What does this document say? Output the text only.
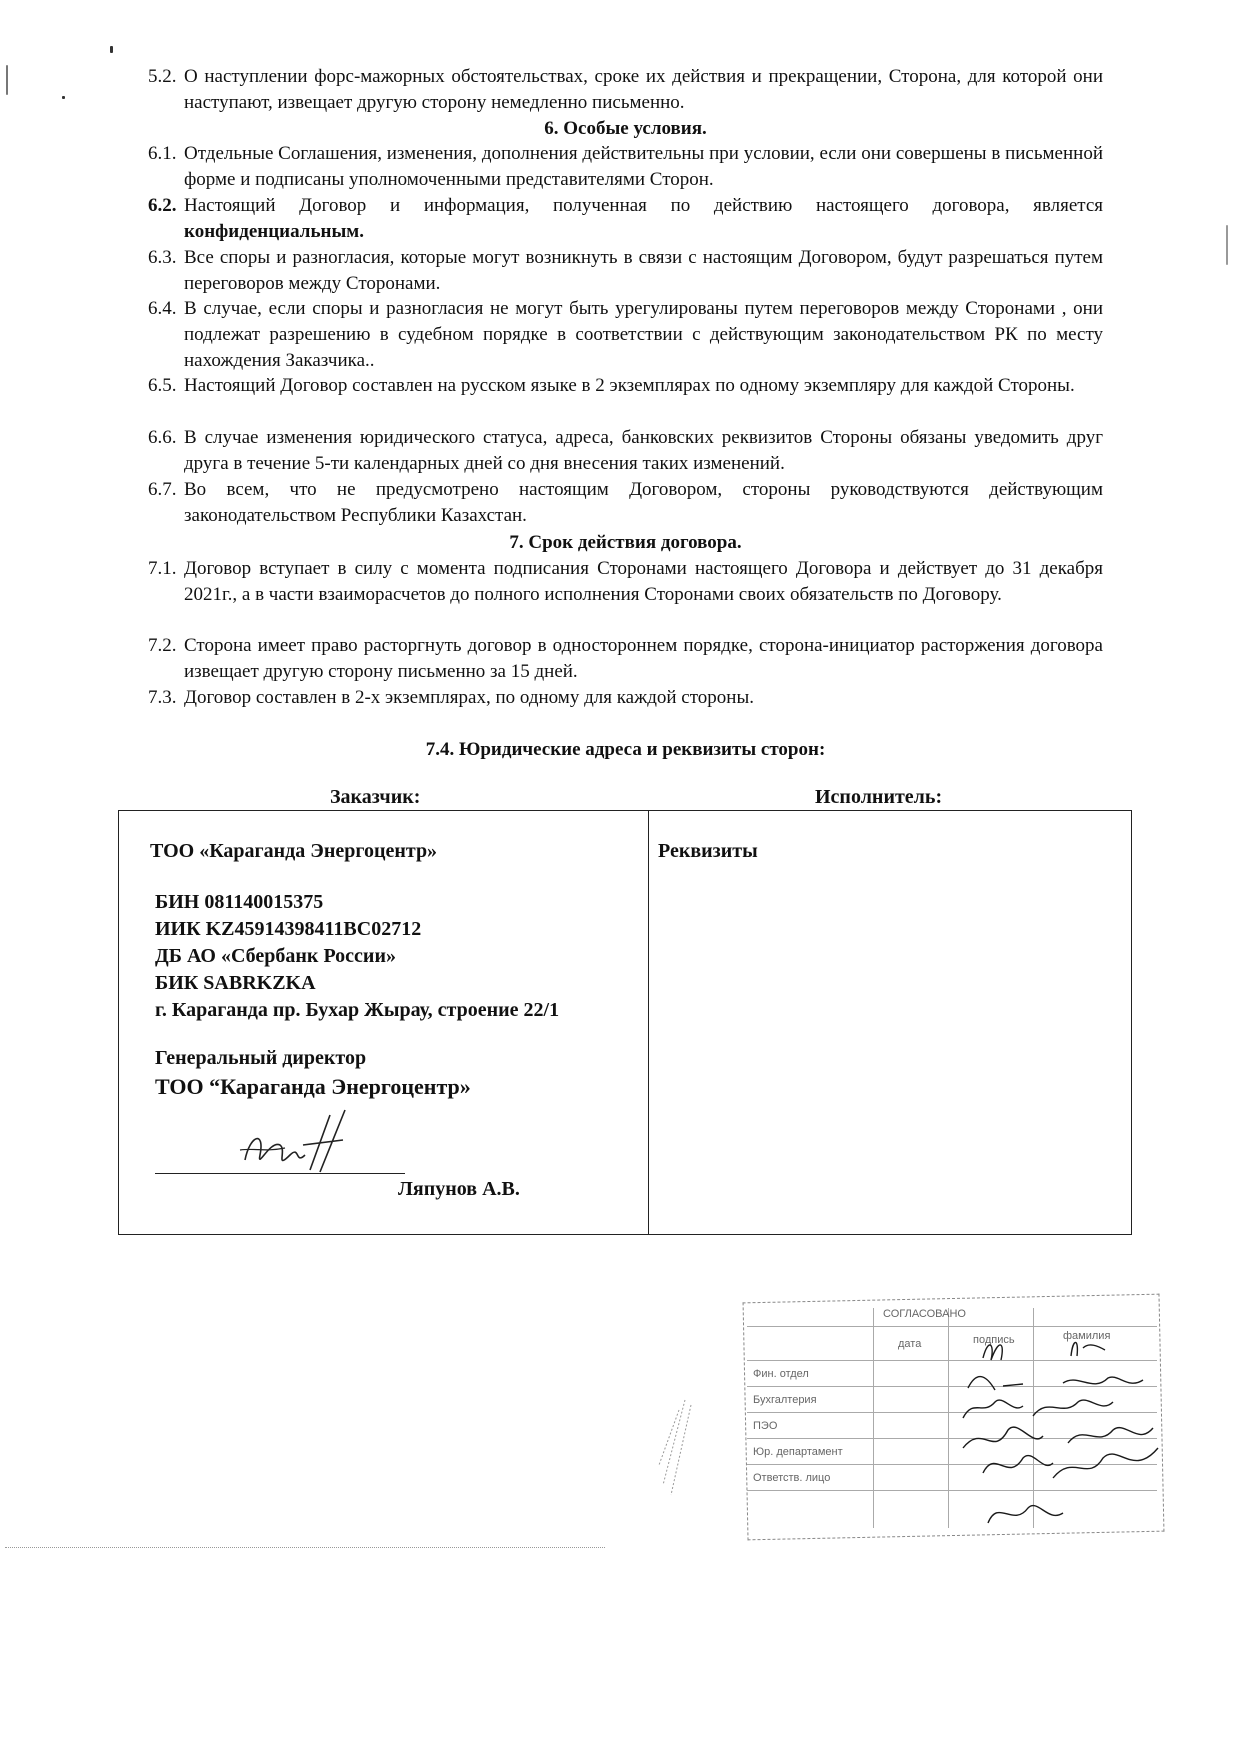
5.2. О наступлении форс-мажорных обстоятельствах, сроке их действия и прекращении, Сторона, для которой они наступают, извещает другую сторону немедленно письменно.
6. Особые условия.
6.1. Отдельные Соглашения, изменения, дополнения действительны при условии, если они совершены в письменной форме и подписаны уполномоченными представителями Сторон.
6.2. Настоящий Договор и информация, полученная по действию настоящего договора, является конфиденциальным.
6.3. Все споры и разногласия, которые могут возникнуть в связи с настоящим Договором, будут разрешаться путем переговоров между Сторонами.
6.4. В случае, если споры и разногласия не могут быть урегулированы путем переговоров между Сторонами , они подлежат разрешению в судебном порядке в соответствии с действующим законодательством РК по месту нахождения Заказчика..
6.5. Настоящий Договор составлен на русском языке в 2 экземплярах по одному экземпляру для каждой Стороны.
6.6. В случае изменения юридического статуса, адреса, банковских реквизитов Стороны обязаны уведомить друг друга в течение 5-ти календарных дней со дня внесения таких изменений.
6.7. Во всем, что не предусмотрено настоящим Договором, стороны руководствуются действующим законодательством Республики Казахстан.
7. Срок действия договора.
7.1. Договор вступает в силу с момента подписания Сторонами настоящего Договора и действует до 31 декабря 2021г., а в части взаиморасчетов до полного исполнения Сторонами своих обязательств по Договору.
7.2. Сторона имеет право расторгнуть договор в одностороннем порядке, сторона-инициатор расторжения договора извещает другую сторону письменно за 15 дней.
7.3. Договор составлен в 2-х экземплярах, по одному для каждой стороны.
7.4. Юридические адреса и реквизиты сторон:
Заказчик:	Исполнитель:
ТОО «Караганда Энергоцентр»
БИН 081140015375
ИИК KZ45914398411BC02712
ДБ АО «Сбербанк России»
БИК SABRKZKA
г. Караганда пр. Бухар Жырау, строение 22/1
Генеральный директор
ТОО “Караганда Энергоцентр»
Ляпунов А.В.
Реквизиты
СОГЛАСОВАНО
дата	подпись	фамилия
Фин. отдел
Бухгалтерия
ПЭО
Юр. департамент
Ответств. лицо
